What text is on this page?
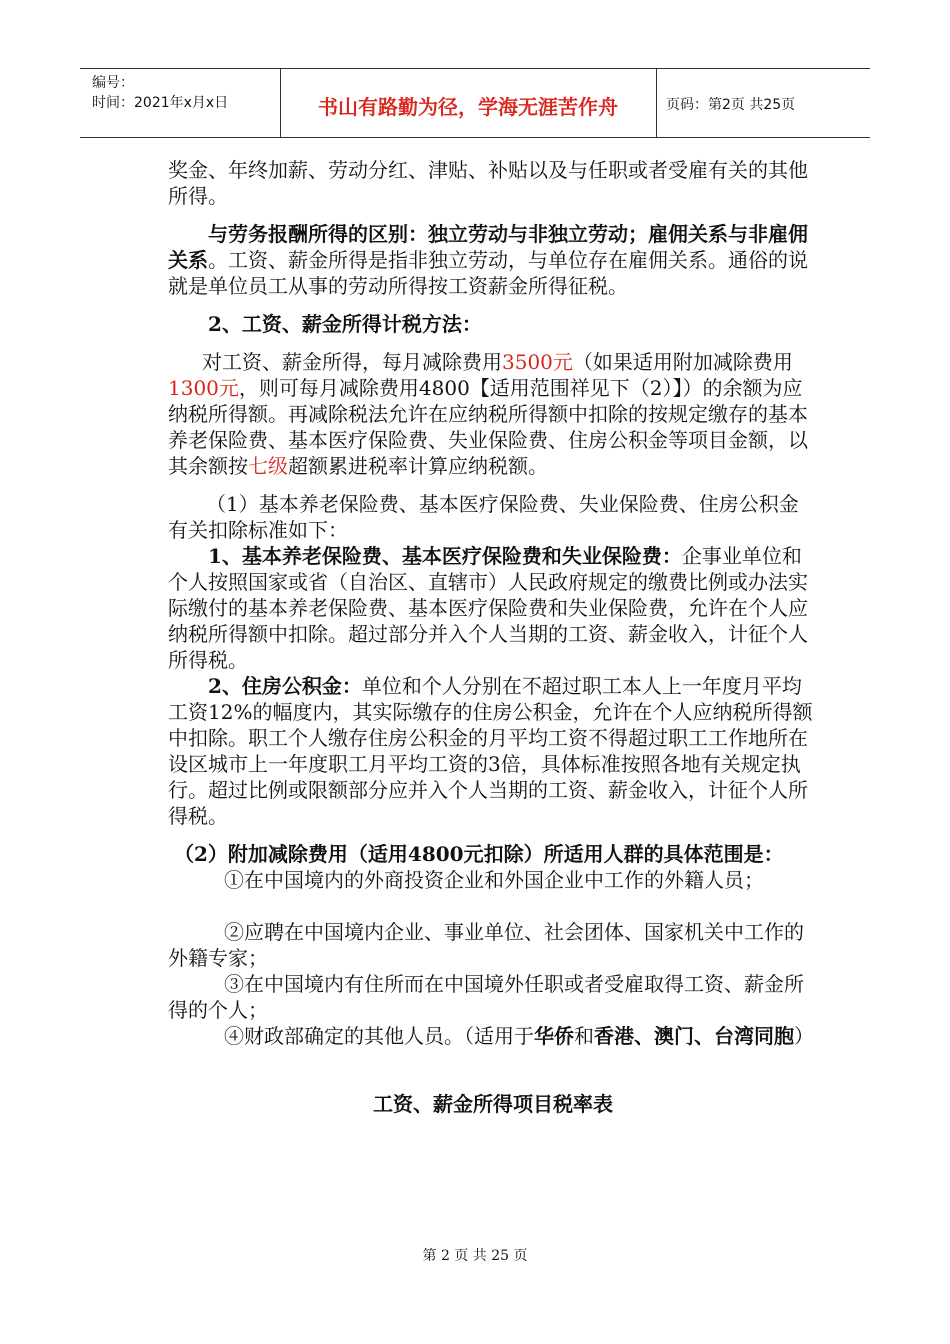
编号：
时间：2021年x月x日	书山有路勤为径，学海无涯苦作舟	页码：第2页 共25页

奖金、年终加薪、劳动分红、津贴、补贴以及与任职或者受雇有关的其他所得。

与劳务报酬所得的区别：独立劳动与非独立劳动；雇佣关系与非雇佣关系。工资、薪金所得是指非独立劳动，与单位存在雇佣关系。通俗的说就是单位员工从事的劳动所得按工资薪金所得征税。

2、工资、薪金所得计税方法：

对工资、薪金所得，每月减除费用3500元（如果适用附加减除费用1300元，则可每月减除费用4800【适用范围祥见下（2）】）的余额为应纳税所得额。再减除税法允许在应纳税所得额中扣除的按规定缴存的基本养老保险费、基本医疗保险费、失业保险费、住房公积金等项目金额，以其余额按七级超额累进税率计算应纳税额。

（1）基本养老保险费、基本医疗保险费、失业保险费、住房公积金有关扣除标准如下：

1、基本养老保险费、基本医疗保险费和失业保险费：企事业单位和个人按照国家或省（自治区、直辖市）人民政府规定的缴费比例或办法实际缴付的基本养老保险费、基本医疗保险费和失业保险费，允许在个人应纳税所得额中扣除。超过部分并入个人当期的工资、薪金收入，计征个人所得税。

2、住房公积金：单位和个人分别在不超过职工本人上一年度月平均工资12%的幅度内，其实际缴存的住房公积金，允许在个人应纳税所得额中扣除。职工个人缴存住房公积金的月平均工资不得超过职工工作地所在设区城市上一年度职工月平均工资的3倍，具体标准按照各地有关规定执行。超过比例或限额部分应并入个人当期的工资、薪金收入，计征个人所得税。

（2）附加减除费用（适用4800元扣除）所适用人群的具体范围是：

①在中国境内的外商投资企业和外国企业中工作的外籍人员；

②应聘在中国境内企业、事业单位、社会团体、国家机关中工作的外籍专家；

③在中国境内有住所而在中国境外任职或者受雇取得工资、薪金所得的个人；

④财政部确定的其他人员。（适用于华侨和香港、澳门、台湾同胞）

工资、薪金所得项目税率表

第 2 页 共 25 页
